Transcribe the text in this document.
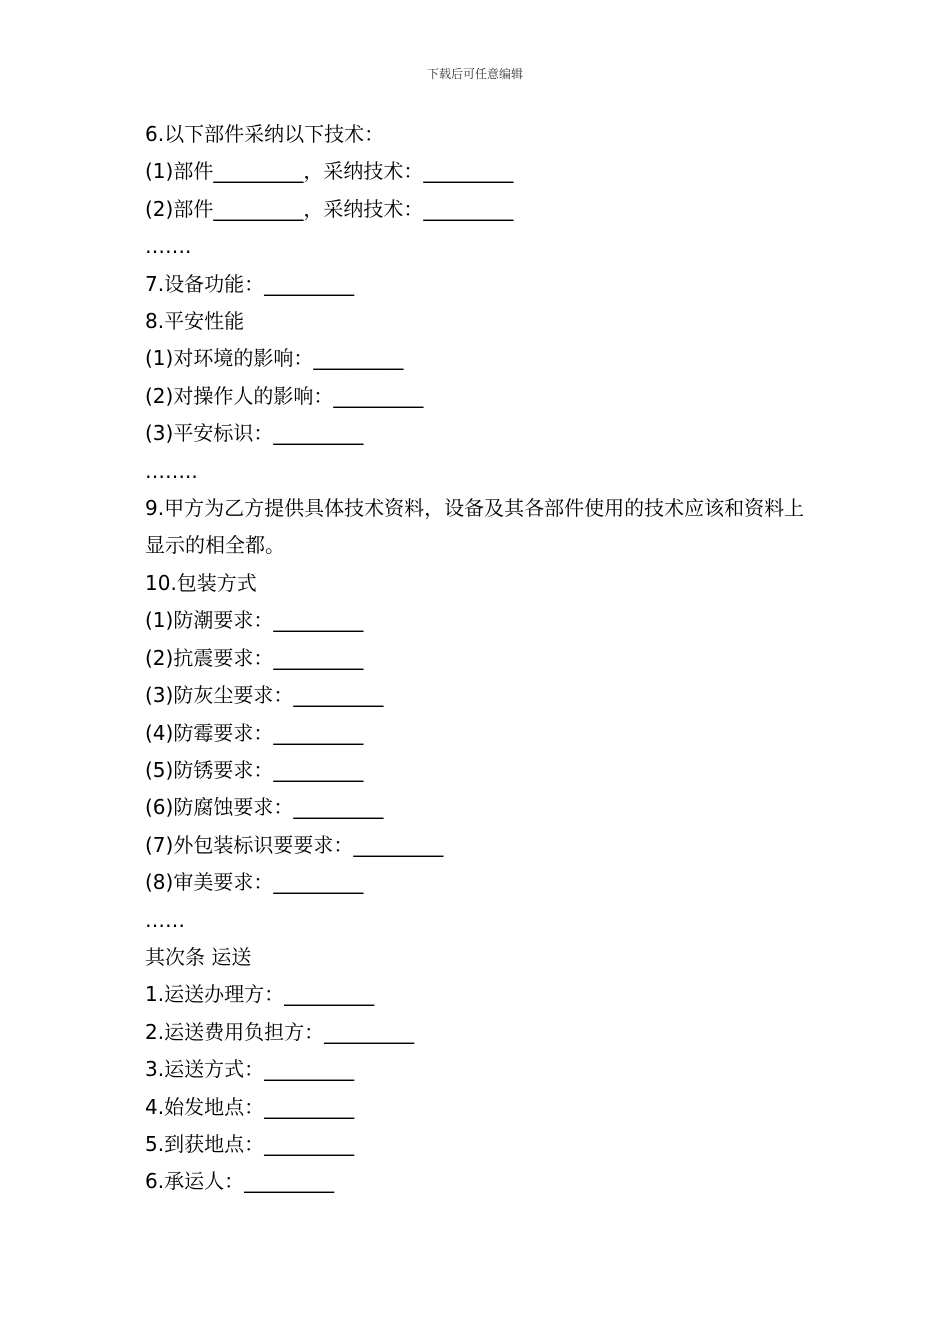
下载后可任意编辑
6.以下部件采纳以下技术：
(1)部件_________，采纳技术：_________
(2)部件_________，采纳技术：_________
…….
7.设备功能：_________
8.平安性能
(1)对环境的影响：_________
(2)对操作人的影响：_________
(3)平安标识：_________
……..
9.甲方为乙方提供具体技术资料，设备及其各部件使用的技术应该和资料上显示的相全都。
10.包装方式
(1)防潮要求：_________
(2)抗震要求：_________
(3)防灰尘要求：_________
(4)防霉要求：_________
(5)防锈要求：_________
(6)防腐蚀要求：_________
(7)外包装标识要要求：_________
(8)审美要求：_________
……
其次条 运送
1.运送办理方：_________
2.运送费用负担方：_________
3.运送方式：_________
4.始发地点：_________
5.到获地点：_________
6.承运人：_________
